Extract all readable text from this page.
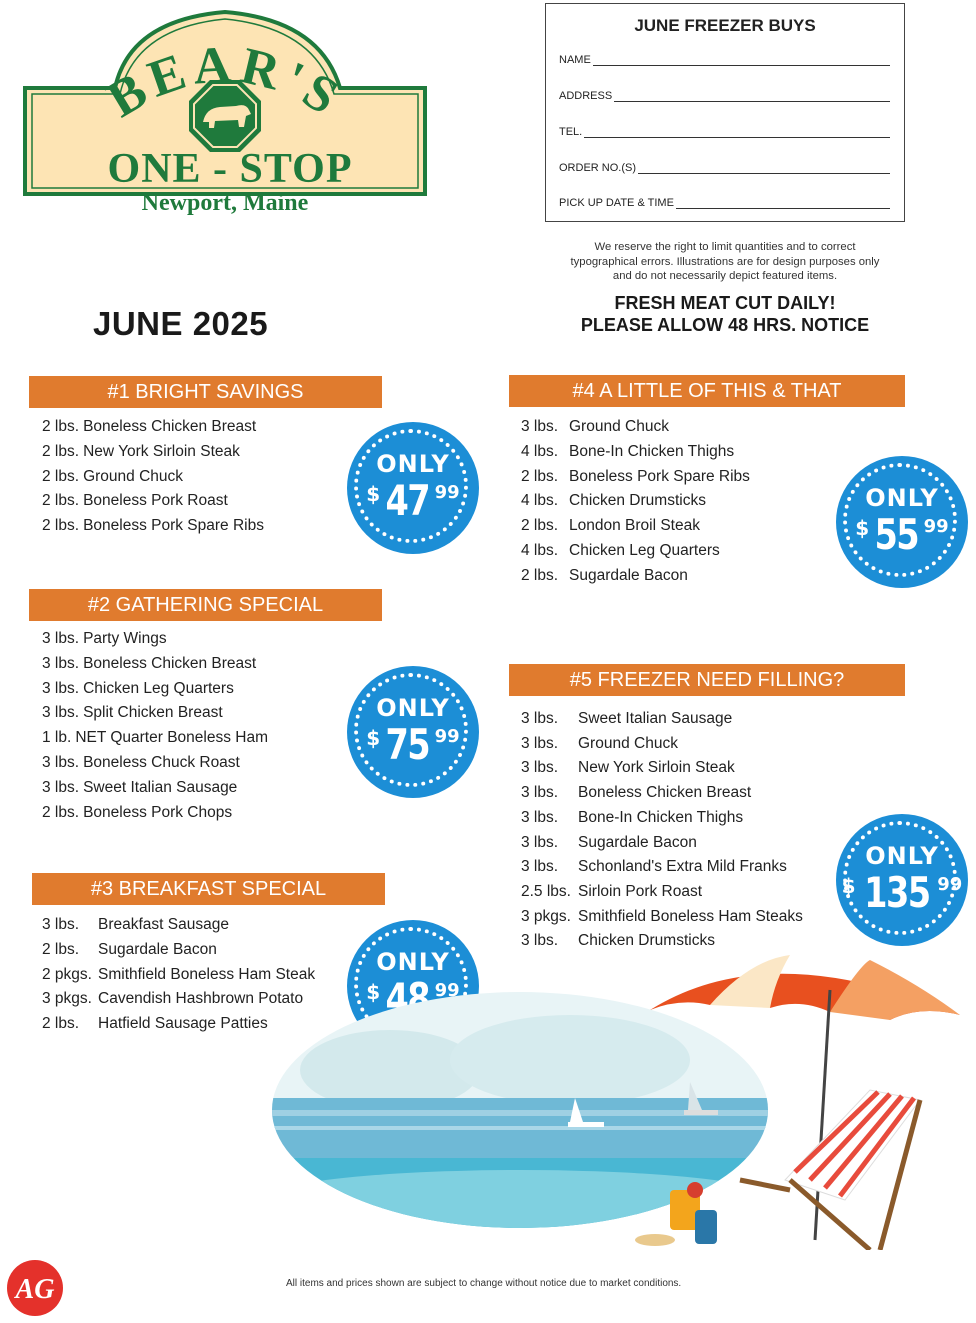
BEAR'S
ONE - STOP
Newport, Maine
JUNE FREEZER BUYS
NAME
ADDRESS
TEL.
ORDER NO.(S)
PICK UP DATE & TIME
We reserve the right to limit quantities and to correct
typographical errors. Illustrations are for design purposes only
and do not necessarily depict featured items.
FRESH MEAT CUT DAILY!
PLEASE ALLOW 48 HRS. NOTICE
JUNE 2025
#1 BRIGHT SAVINGS
#2 GATHERING SPECIAL
#3 BREAKFAST SPECIAL
#4 A LITTLE OF THIS & THAT
#5 FREEZER NEED FILLING?
2 lbs. Boneless Chicken Breast
2 lbs. New York Sirloin Steak
2 lbs. Ground Chuck
2 lbs. Boneless Pork Roast
2 lbs. Boneless Pork Spare Ribs
3 lbs. Party Wings
3 lbs. Boneless Chicken Breast
3 lbs. Chicken Leg Quarters
3 lbs. Split Chicken Breast
1 lb. NET Quarter Boneless Ham
3 lbs. Boneless Chuck Roast
3 lbs. Sweet Italian Sausage
2 lbs. Boneless Pork Chops
3 lbs. Breakfast Sausage
2 lbs. Sugardale Bacon
2 pkgs. Smithfield Boneless Ham Steak
3 pkgs. Cavendish Hashbrown Potato
2 lbs. Hatfield Sausage Patties
3 lbs. Ground Chuck
4 lbs. Bone-In Chicken Thighs
2 lbs. Boneless Pork Spare Ribs
4 lbs. Chicken Drumsticks
2 lbs. London Broil Steak
4 lbs. Chicken Leg Quarters
2 lbs. Sugardale Bacon
3 lbs. Sweet Italian Sausage
3 lbs. Ground Chuck
3 lbs. New York Sirloin Steak
3 lbs. Boneless Chicken Breast
3 lbs. Bone-In Chicken Thighs
3 lbs. Sugardale Bacon
3 lbs. Schonland's Extra Mild Franks
2.5 lbs. Sirloin Pork Roast
3 pkgs. Smithfield Boneless Ham Steaks
3 lbs. Chicken Drumsticks
ONLY
$ 47 99
ONLY
$ 75 99
ONLY
$ 48 99
ONLY
$ 55 99
ONLY
$ 135 99
AG	All items and prices shown are subject to change without notice due to market conditions.
